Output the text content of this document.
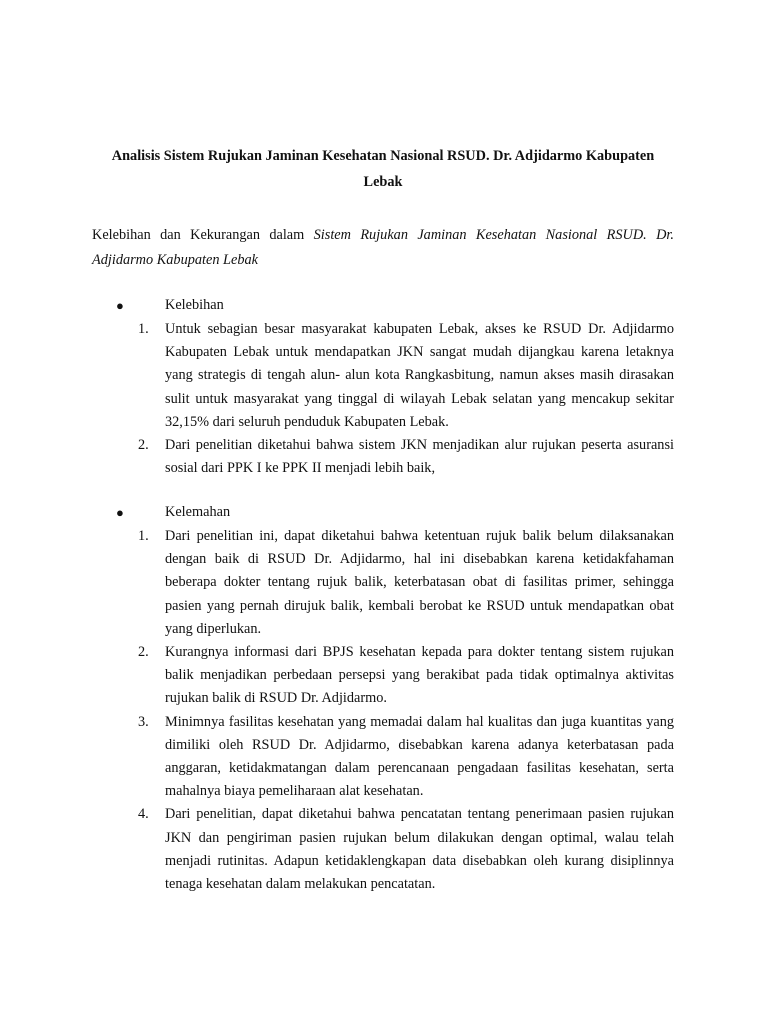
Analisis Sistem Rujukan Jaminan Kesehatan Nasional RSUD. Dr. Adjidarmo Kabupaten Lebak
Kelebihan dan Kekurangan dalam Sistem Rujukan Jaminan Kesehatan Nasional RSUD. Dr. Adjidarmo Kabupaten Lebak
●	Kelebihan
1. Untuk sebagian besar masyarakat kabupaten Lebak, akses ke RSUD Dr. Adjidarmo Kabupaten Lebak untuk mendapatkan JKN sangat mudah dijangkau karena letaknya yang strategis di tengah alun- alun kota Rangkasbitung, namun akses masih dirasakan sulit untuk masyarakat yang tinggal di wilayah Lebak selatan yang mencakup sekitar 32,15% dari seluruh penduduk Kabupaten Lebak.
2. Dari penelitian diketahui bahwa sistem JKN menjadikan alur rujukan peserta asuransi sosial dari PPK I ke PPK II menjadi lebih baik,
●	Kelemahan
1. Dari penelitian ini, dapat diketahui bahwa ketentuan rujuk balik belum dilaksanakan dengan baik di RSUD Dr. Adjidarmo, hal ini disebabkan karena ketidakfahaman beberapa dokter tentang rujuk balik, keterbatasan obat di fasilitas primer, sehingga pasien yang pernah dirujuk balik, kembali berobat ke RSUD untuk mendapatkan obat yang diperlukan.
2. Kurangnya informasi dari BPJS kesehatan kepada para dokter tentang sistem rujukan balik menjadikan perbedaan persepsi yang berakibat pada tidak optimalnya aktivitas rujukan balik di RSUD Dr. Adjidarmo.
3. Minimnya fasilitas kesehatan yang memadai dalam hal kualitas dan juga kuantitas yang dimiliki oleh RSUD Dr. Adjidarmo, disebabkan karena adanya keterbatasan pada anggaran, ketidakmatangan dalam perencanaan pengadaan fasilitas kesehatan, serta mahalnya biaya pemeliharaan alat kesehatan.
4. Dari penelitian, dapat diketahui bahwa pencatatan tentang penerimaan pasien rujukan JKN dan pengiriman pasien rujukan belum dilakukan dengan optimal, walau telah menjadi rutinitas. Adapun ketidaklengkapan data disebabkan oleh kurang disiplinnya tenaga kesehatan dalam melakukan pencatatan.
